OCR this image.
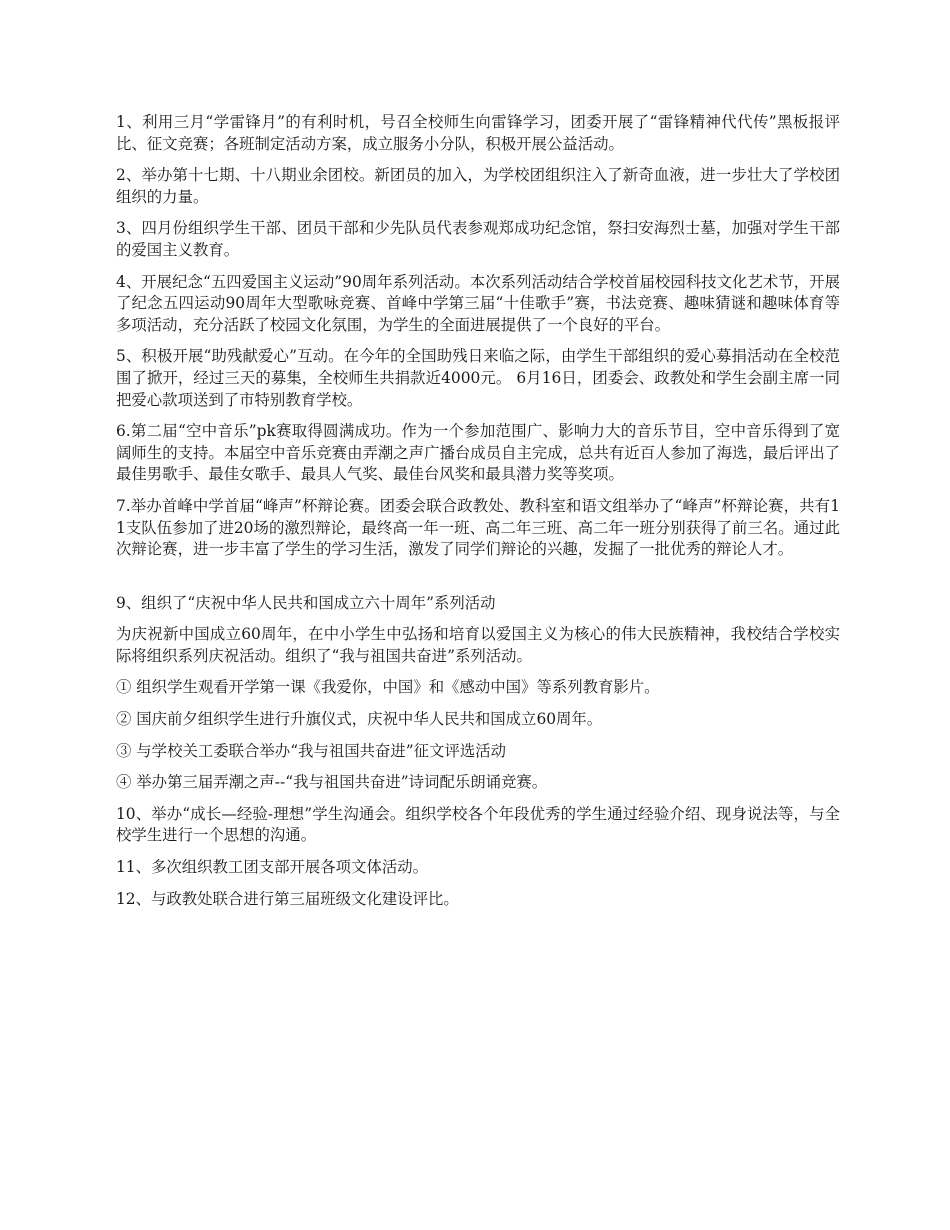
1、利用三月“学雷锋月”的有利时机，号召全校师生向雷锋学习，团委开展了“雷锋精神代代传”黑板报评比、征文竞赛；各班制定活动方案，成立服务小分队，积极开展公益活动。

2、举办第十七期、十八期业余团校。新团员的加入，为学校团组织注入了新奇血液，进一步壮大了学校团组织的力量。

3、四月份组织学生干部、团员干部和少先队员代表参观郑成功纪念馆，祭扫安海烈士墓，加强对学生干部的爱国主义教育。

4、开展纪念“五四爱国主义运动”90周年系列活动。本次系列活动结合学校首届校园科技文化艺术节，开展了纪念五四运动90周年大型歌咏竞赛、首峰中学第三届“十佳歌手”赛，书法竞赛、趣味猜谜和趣味体育等多项活动，充分活跃了校园文化氛围，为学生的全面进展提供了一个良好的平台。

5、积极开展“助残献爱心”互动。在今年的全国助残日来临之际，由学生干部组织的爱心募捐活动在全校范围了掀开，经过三天的募集，全校师生共捐款近4000元。 6月16日，团委会、政教处和学生会副主席一同把爱心款项送到了市特别教育学校。

6.第二届“空中音乐”pk赛取得圆满成功。作为一个参加范围广、影响力大的音乐节目，空中音乐得到了宽阔师生的支持。本届空中音乐竞赛由弄潮之声广播台成员自主完成，总共有近百人参加了海选，最后评出了最佳男歌手、最佳女歌手、最具人气奖、最佳台风奖和最具潜力奖等奖项。

7.举办首峰中学首届“峰声”杯辩论赛。团委会联合政教处、教科室和语文组举办了“峰声”杯辩论赛，共有11支队伍参加了进20场的激烈辩论，最终高一年一班、高二年三班、高二年一班分别获得了前三名。通过此次辩论赛，进一步丰富了学生的学习生活，激发了同学们辩论的兴趣，发掘了一批优秀的辩论人才。

9、组织了“庆祝中华人民共和国成立六十周年”系列活动

为庆祝新中国成立60周年，在中小学生中弘扬和培育以爱国主义为核心的伟大民族精神，我校结合学校实际将组织系列庆祝活动。组织了“我与祖国共奋进”系列活动。

① 组织学生观看开学第一课《我爱你，中国》和《感动中国》等系列教育影片。

② 国庆前夕组织学生进行升旗仪式，庆祝中华人民共和国成立60周年。

③ 与学校关工委联合举办“我与祖国共奋进”征文评选活动

④ 举办第三届弄潮之声--“我与祖国共奋进”诗词配乐朗诵竞赛。

10、举办“成长—经验-理想”学生沟通会。组织学校各个年段优秀的学生通过经验介绍、现身说法等，与全校学生进行一个思想的沟通。

11、多次组织教工团支部开展各项文体活动。

12、与政教处联合进行第三届班级文化建设评比。
